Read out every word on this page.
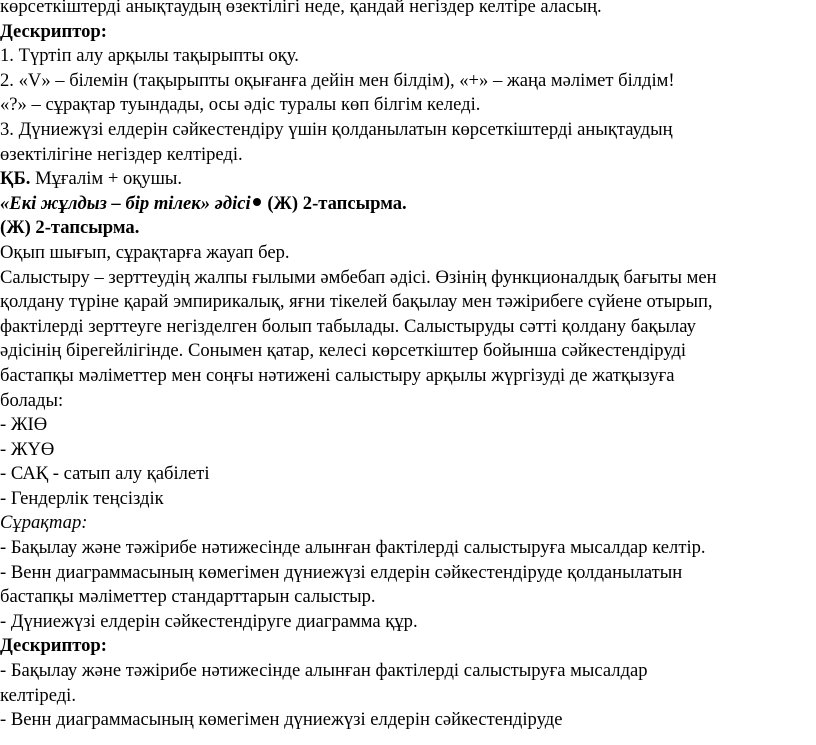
көрсеткіштерді анықтаудың өзектілігі неде, қандай негіздер келтіре аласың.

Дескриптор:

1. Түртіп алу арқылы тақырыпты оқу.

2. «V» – білемін (тақырыпты оқығанға дейін мен білдім), «+» – жаңа мәлімет білдім!

«?» – сұрақтар туындады, осы әдіс туралы көп білгім келеді.

3. Дүниежүзі елдерін сәйкестендіру үшін қолданылатын көрсеткіштерді анықтаудың

өзектілігіне негіздер келтіреді.

ҚБ. Мұғалім + оқушы.

«Екі жұлдыз – бір тілек» әдісі (Ж) 2-тапсырма.

(Ж) 2-тапсырма.

Оқып шығып, сұрақтарға жауап бер.

Салыстыру – зерттеудің жалпы ғылыми әмбебап әдісі. Өзінің функционалдық бағыты мен

қолдану түріне қарай эмпирикалық, яғни тікелей бақылау мен тәжірибеге сүйене отырып,

фактілерді зерттеуге негізделген болып табылады. Салыстыруды сәтті қолдану бақылау

әдісінің бірегейлігінде. Сонымен қатар, келесі көрсеткіштер бойынша сәйкестендіруді

бастапқы мәліметтер мен соңғы нәтижені салыстыру арқылы жүргізуді де жатқызуға

болады:

- ЖІӨ

- ЖҮӨ

- САҚ - сатып алу қабілеті

- Гендерлік теңсіздік

Сұрақтар:

- Бақылау және тәжірибе нәтижесінде алынған фактілерді салыстыруға мысалдар келтір.

- Венн диаграммасының көмегімен дүниежүзі елдерін сәйкестендіруде қолданылатын

бастапқы мәліметтер стандарттарын салыстыр.

- Дүниежүзі елдерін сәйкестендіруге диаграмма құр.

Дескриптор:

- Бақылау және тәжірибе нәтижесінде алынған фактілерді салыстыруға мысалдар

келтіреді.

- Венн диаграммасының көмегімен дүниежүзі елдерін сәйкестендіруде
